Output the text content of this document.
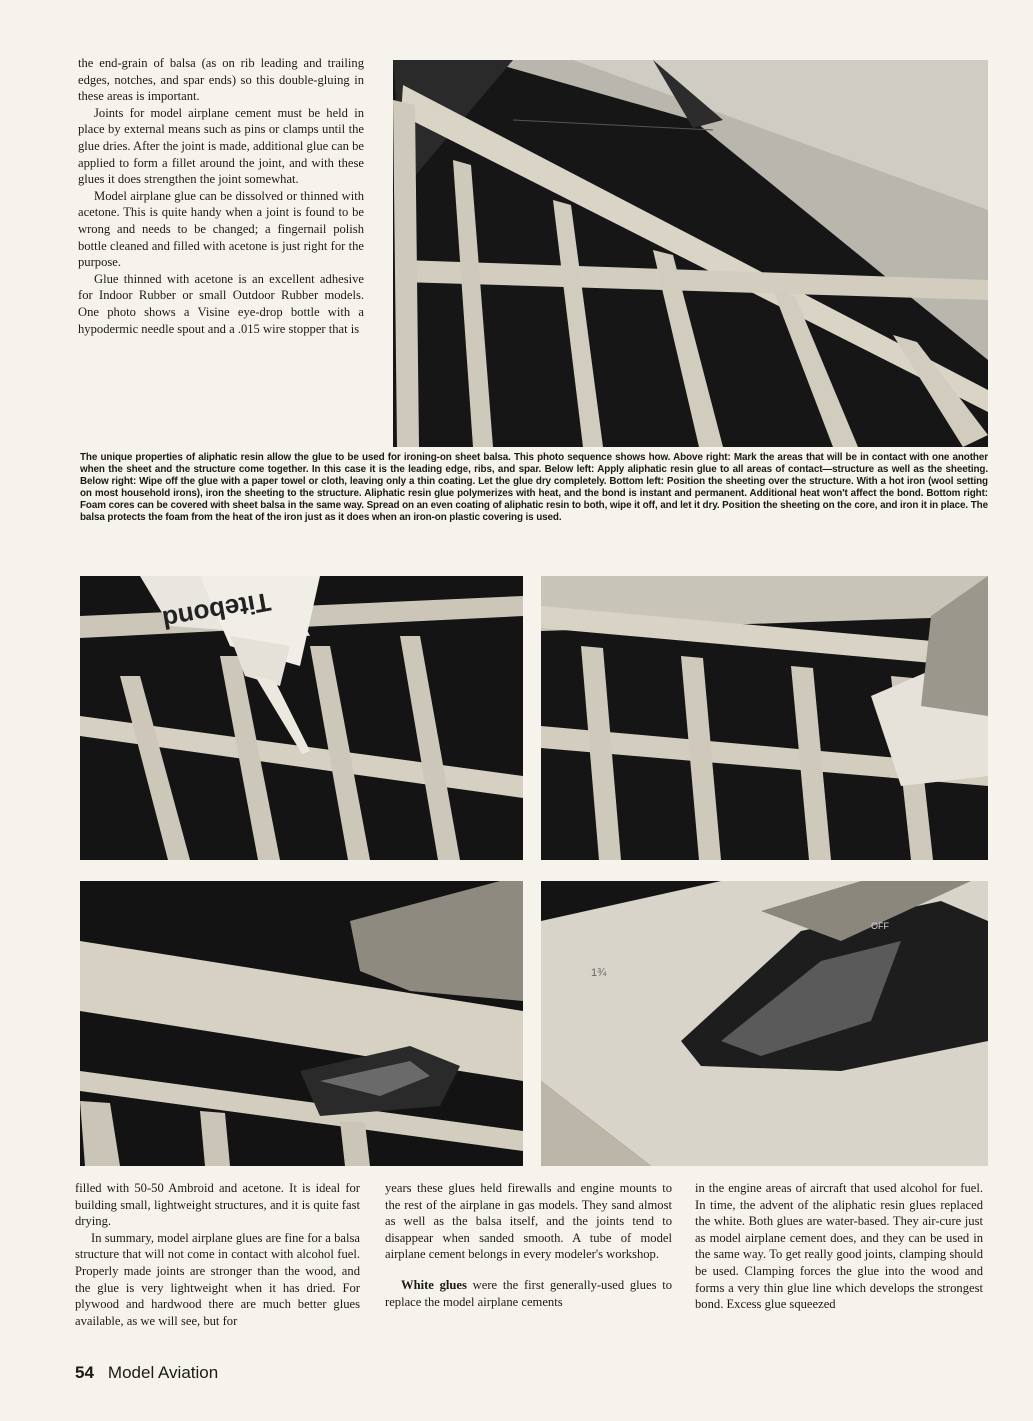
the end-grain of balsa (as on rib leading and trailing edges, notches, and spar ends) so this double-gluing in these areas is important.

Joints for model airplane cement must be held in place by external means such as pins or clamps until the glue dries. After the joint is made, additional glue can be applied to form a fillet around the joint, and with these glues it does strengthen the joint somewhat.

Model airplane glue can be dissolved or thinned with acetone. This is quite handy when a joint is found to be wrong and needs to be changed; a fingernail polish bottle cleaned and filled with acetone is just right for the purpose.

Glue thinned with acetone is an excellent adhesive for Indoor Rubber or small Outdoor Rubber models. One photo shows a Visine eye-drop bottle with a hypodermic needle spout and a .015 wire stopper that is

The unique properties of aliphatic resin allow the glue to be used for ironing-on sheet balsa. This photo sequence shows how. Above right: Mark the areas that will be in contact with one another when the sheet and the structure come together. In this case it is the leading edge, ribs, and spar. Below left: Apply aliphatic resin glue to all areas of contact—structure as well as the sheeting. Below right: Wipe off the glue with a paper towel or cloth, leaving only a thin coating. Let the glue dry completely. Bottom left: Position the sheeting over the structure. With a hot iron (wool setting on most household irons), iron the sheeting to the structure. Aliphatic resin glue polymerizes with heat, and the bond is instant and permanent. Additional heat won't affect the bond. Bottom right: Foam cores can be covered with sheet balsa in the same way. Spread on an even coating of aliphatic resin to both, wipe it off, and let it dry. Position the sheeting on the core, and iron it in place. The balsa protects the foam from the heat of the iron just as it does when an iron-on plastic covering is used.
Titebond
OFF
1¾

filled with 50-50 Ambroid and acetone. It is ideal for building small, lightweight structures, and it is quite fast drying.

In summary, model airplane glues are fine for a balsa structure that will not come in contact with alcohol fuel. Properly made joints are stronger than the wood, and the glue is very lightweight when it has dried. For plywood and hardwood there are much better glues available, as we will see, but for

years these glues held firewalls and engine mounts to the rest of the airplane in gas models. They sand almost as well as the balsa itself, and the joints tend to disappear when sanded smooth. A tube of model airplane cement belongs in every modeler's workshop.

White glues were the first generally-used glues to replace the model airplane cements

in the engine areas of aircraft that used alcohol for fuel. In time, the advent of the aliphatic resin glues replaced the white. Both glues are water-based. They air-cure just as model airplane cement does, and they can be used in the same way. To get really good joints, clamping should be used. Clamping forces the glue into the wood and forms a very thin glue line which develops the strongest bond. Excess glue squeezed

54 Model Aviation
